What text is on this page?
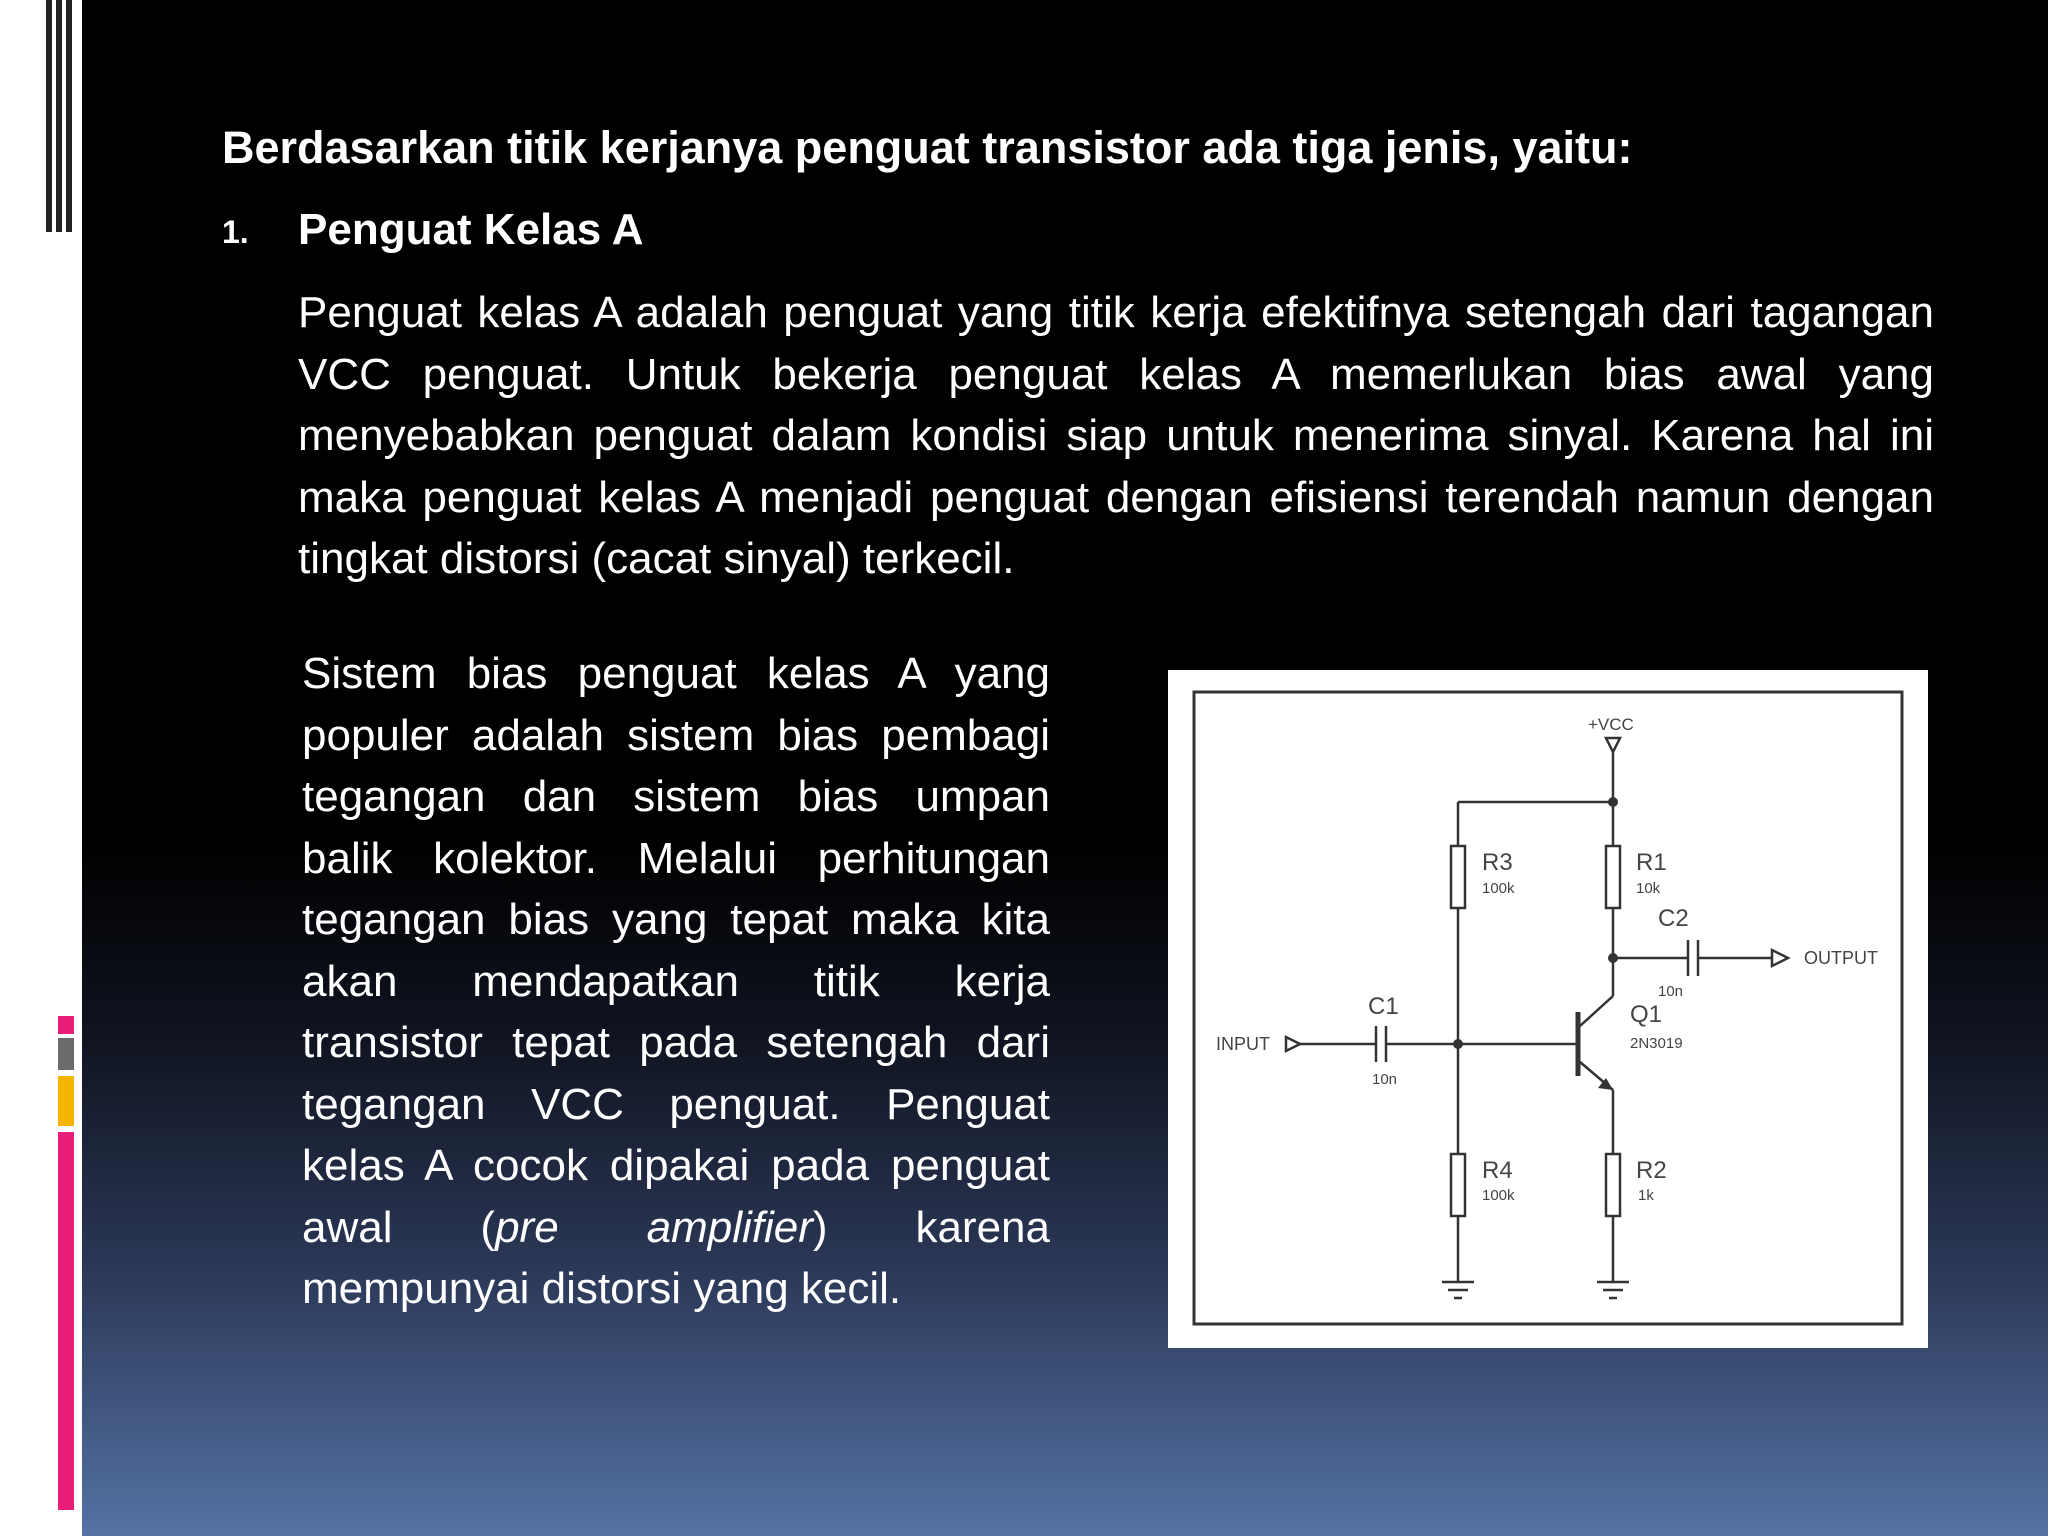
Berdasarkan titik kerjanya penguat transistor ada tiga jenis, yaitu:
1. Penguat Kelas A
Penguat kelas A adalah penguat yang titik kerja efektifnya setengah dari tagangan VCC penguat. Untuk bekerja penguat kelas A memerlukan bias awal yang menyebabkan penguat dalam kondisi siap untuk menerima sinyal. Karena hal ini maka penguat kelas A menjadi penguat dengan efisiensi terendah namun dengan tingkat distorsi (cacat sinyal) terkecil.
Sistem bias penguat kelas A yang populer adalah sistem bias pembagi tegangan dan sistem bias umpan balik kolektor. Melalui perhitungan tegangan bias yang tepat maka kita akan mendapatkan titik kerja transistor tepat pada setengah dari tegangan VCC penguat. Penguat kelas A cocok dipakai pada penguat awal (pre amplifier) karena mempunyai distorsi yang kecil.
+VCC
R3
100k
R1
10k
C2
10n
OUTPUT
C1
10n
INPUT
Q1
2N3019
R4
100k
R2
1k
